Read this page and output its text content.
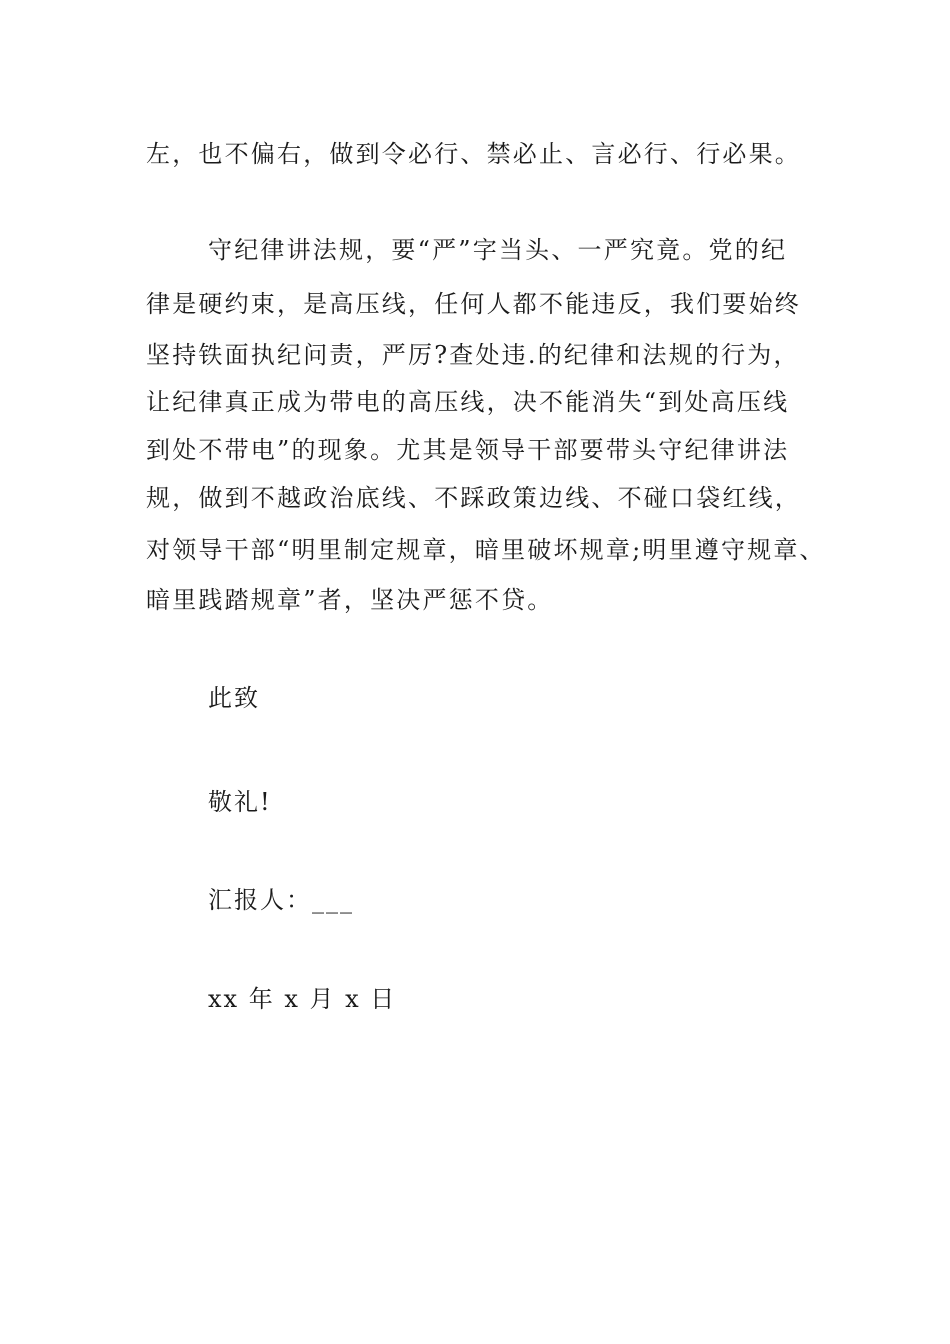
左，也不偏右，做到令必行、禁必止、言必行、行必果。
守纪律讲法规，要“严”字当头、一严究竟。党的纪
律是硬约束，是高压线，任何人都不能违反，我们要始终
坚持铁面执纪问责，严厉?查处违.的纪律和法规的行为，
让纪律真正成为带电的高压线，决不能消失“到处高压线
到处不带电”的现象。尤其是领导干部要带头守纪律讲法
规，做到不越政治底线、不踩政策边线、不碰口袋红线，
对领导干部“明里制定规章，暗里破坏规章;明里遵守规章、
暗里践踏规章”者，坚决严惩不贷。
此致
敬礼!
汇报人：___
xx 年 x 月 x 日
